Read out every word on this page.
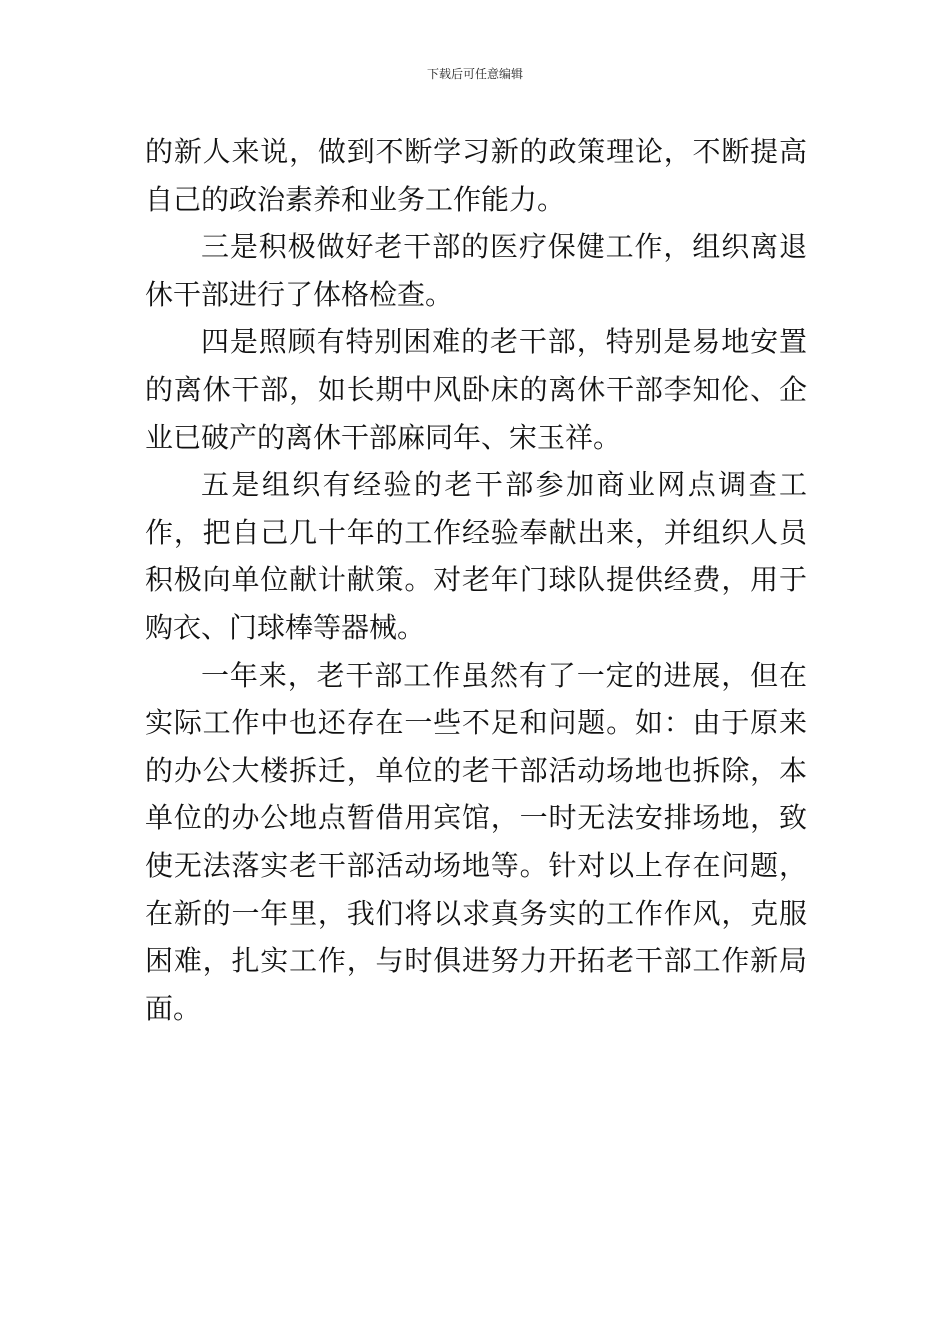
下载后可任意编辑

的新人来说，做到不断学习新的政策理论，不断提高自己的政治素养和业务工作能力。

三是积极做好老干部的医疗保健工作，组织离退休干部进行了体格检查。

四是照顾有特别困难的老干部，特别是易地安置的离休干部，如长期中风卧床的离休干部李知伦、企业已破产的离休干部麻同年、宋玉祥。

五是组织有经验的老干部参加商业网点调查工作，把自己几十年的工作经验奉献出来，并组织人员积极向单位献计献策。对老年门球队提供经费，用于购衣、门球棒等器械。

一年来，老干部工作虽然有了一定的进展，但在实际工作中也还存在一些不足和问题。如：由于原来的办公大楼拆迁，单位的老干部活动场地也拆除，本单位的办公地点暂借用宾馆，一时无法安排场地，致使无法落实老干部活动场地等。针对以上存在问题，在新的一年里，我们将以求真务实的工作作风，克服困难，扎实工作，与时俱进努力开拓老干部工作新局面。
